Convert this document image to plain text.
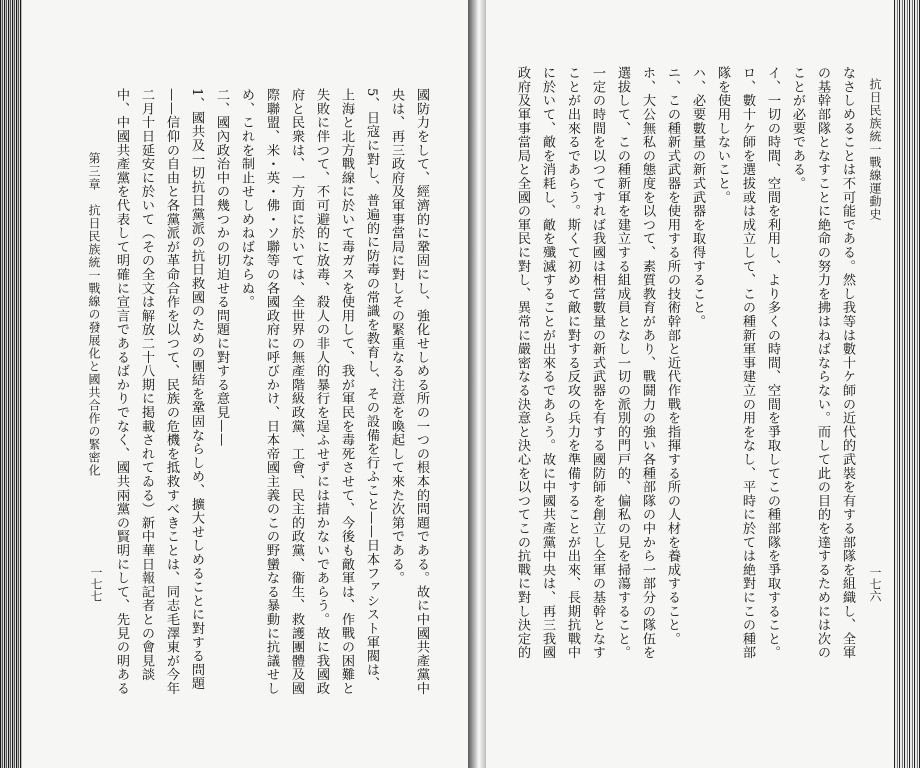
第三章　抗日民族統一戰線の發展化と國共合作の緊密化
一七七	國防力をして、經濟的に鞏固にし、強化せしめる所の一つの根本的問題である。故に中國共產黨中央は、再三政府及軍事當局に對しその緊重なる注意を喚起して來た次第である。

5、日寇に對し、普遍的に防毒の常識を教育し、その設備を行ふこと——日本ファシスト軍閥は、上海と北方戰線に於いて毒ガスを使用して、我が軍民を毒死させて、今後も敵軍は、作戰の困難と失敗に伴つて、不可避的に放毒、殺人の非人的暴行を逞ふせずには措かないであらう。故に我國政府と民衆は、一方面に於いては、全世界の無產階級政黨、工會、民主的政黨、衞生、救護團體及國際聯盟、米・英・佛・ソ聯等の各國政府に呼びかけ、日本帝國主義のこの野蠻なる暴動に抗議せしめ、これを制止せしめねばならぬ。

二、國內政治中の幾つかの切迫せる問題に對する意見——

1、國共及一切抗日黨派の抗日救國のための團結を鞏固ならしめ、擴大せしめることに對する問題——信仰の自由と各黨派が革命合作を以つて、民族の危機を抵救すべきことは、同志毛澤東が今年二月十日延安に於いて（その全文は解放二十八期に掲載されてゐる）新中華日報記者との會見談中、中國共產黨を代表して明確に宣言であるばかりでなく、國共兩黨の賢明にして、先見の明ある

抗日民族統一戰線運動史
一七六

なさしめることは不可能である。然し我等は數十ケ師の近代的武裝を有する部隊を組織し、全軍の基幹部隊となすことに絶命の努力を拂はねばならない。而して此の目的を達するためには次のことが必要である。

イ、一切の時間、空間を利用し、より多くの時間、空間を爭取してこの種部隊を爭取すること。

ロ、數十ケ師を選拔或は成立して、この種新軍事建立の用をなし、平時に於ては絶對にこの種部隊を使用しないこと。

ハ、必要數量の新式武器を取得すること。

ニ、この種新式武器を使用する所の技術幹部と近代作戰を指揮する所の人材を養成すること。

ホ、大公無私の態度を以つて、素質教育があり、戰鬪力の強い各種部隊の中から一部分の隊伍を選拔して、この種新軍を建立する組成員となし一切の派別的門戸的、偏私の見を掃蕩すること。

一定の時間を以つてすれば我國は相當數量の新式武器を有する國防師を創立し全軍の基幹となすことが出來るであらう。斯くて初めて敵に對する反攻の兵力を準備することが出來、長期抗戰中に於いて、敵を消耗し、敵を殲滅することが出來るであらう。故に中國共產黨中央は、再三我國政府及軍事當局と全國の軍民に對し、異常に嚴密なる決意と決心を以つてこの抗戰に對し決定的
